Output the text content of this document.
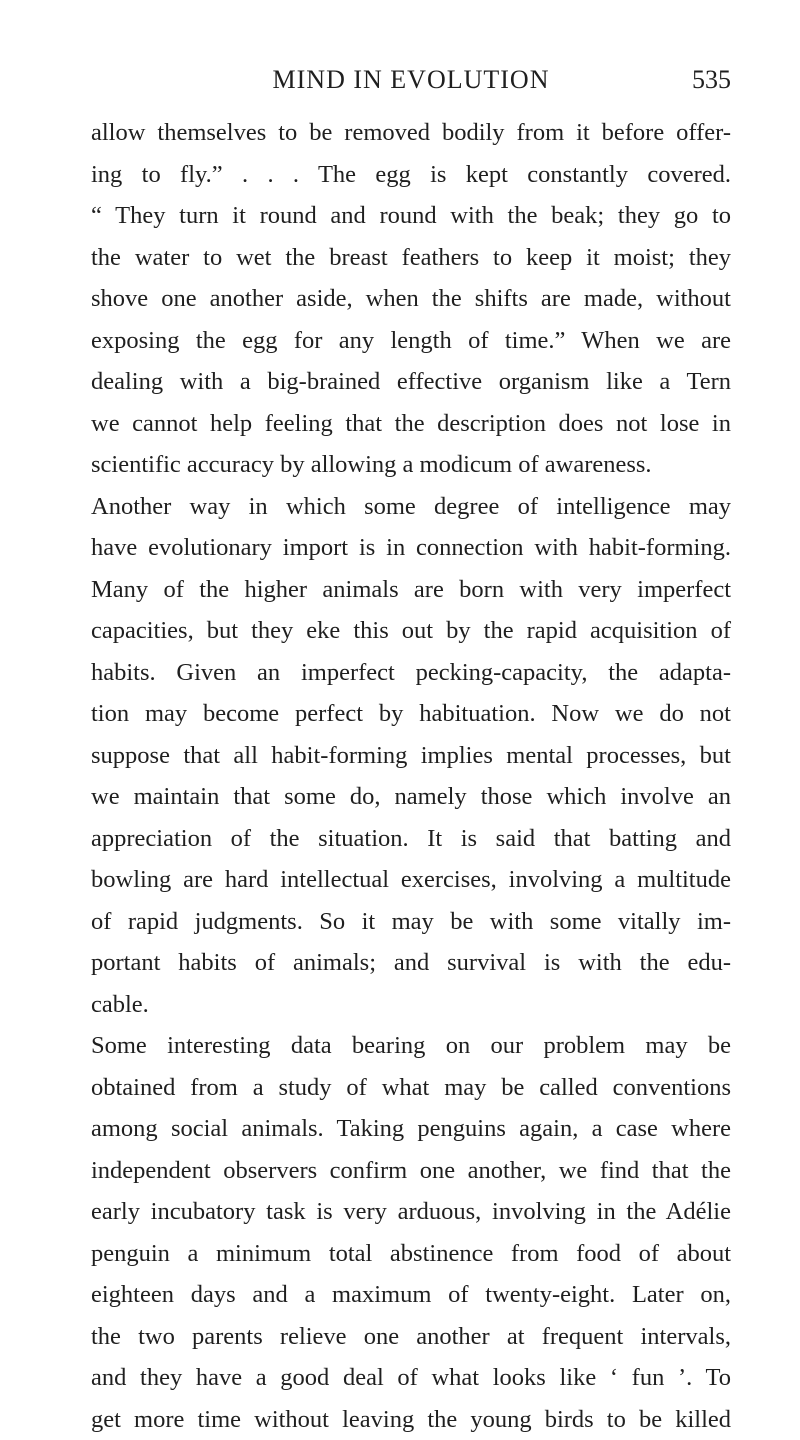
MIND IN EVOLUTION	535
allow themselves to be removed bodily from it before offer-
ing to fly.” . . . The egg is kept constantly covered.
“ They turn it round and round with the beak; they go to
the water to wet the breast feathers to keep it moist; they
shove one another aside, when the shifts are made, without
exposing the egg for any length of time.” When we are
dealing with a big-brained effective organism like a Tern
we cannot help feeling that the description does not lose in
scientific accuracy by allowing a modicum of awareness.
Another way in which some degree of intelligence may
have evolutionary import is in connection with habit-forming.
Many of the higher animals are born with very imperfect
capacities, but they eke this out by the rapid acquisition of
habits. Given an imperfect pecking-capacity, the adapta-
tion may become perfect by habituation. Now we do not
suppose that all habit-forming implies mental processes, but
we maintain that some do, namely those which involve an
appreciation of the situation. It is said that batting and
bowling are hard intellectual exercises, involving a multitude
of rapid judgments. So it may be with some vitally im-
portant habits of animals; and survival is with the edu-
cable.
Some interesting data bearing on our problem may be
obtained from a study of what may be called conventions
among social animals. Taking penguins again, a case where
independent observers confirm one another, we find that the
early incubatory task is very arduous, involving in the Adélie
penguin a minimum total abstinence from food of about
eighteen days and a maximum of twenty-eight. Later on,
the two parents relieve one another at frequent intervals,
and they have a good deal of what looks like ‘ fun ’. To
get more time without leaving the young birds to be killed
